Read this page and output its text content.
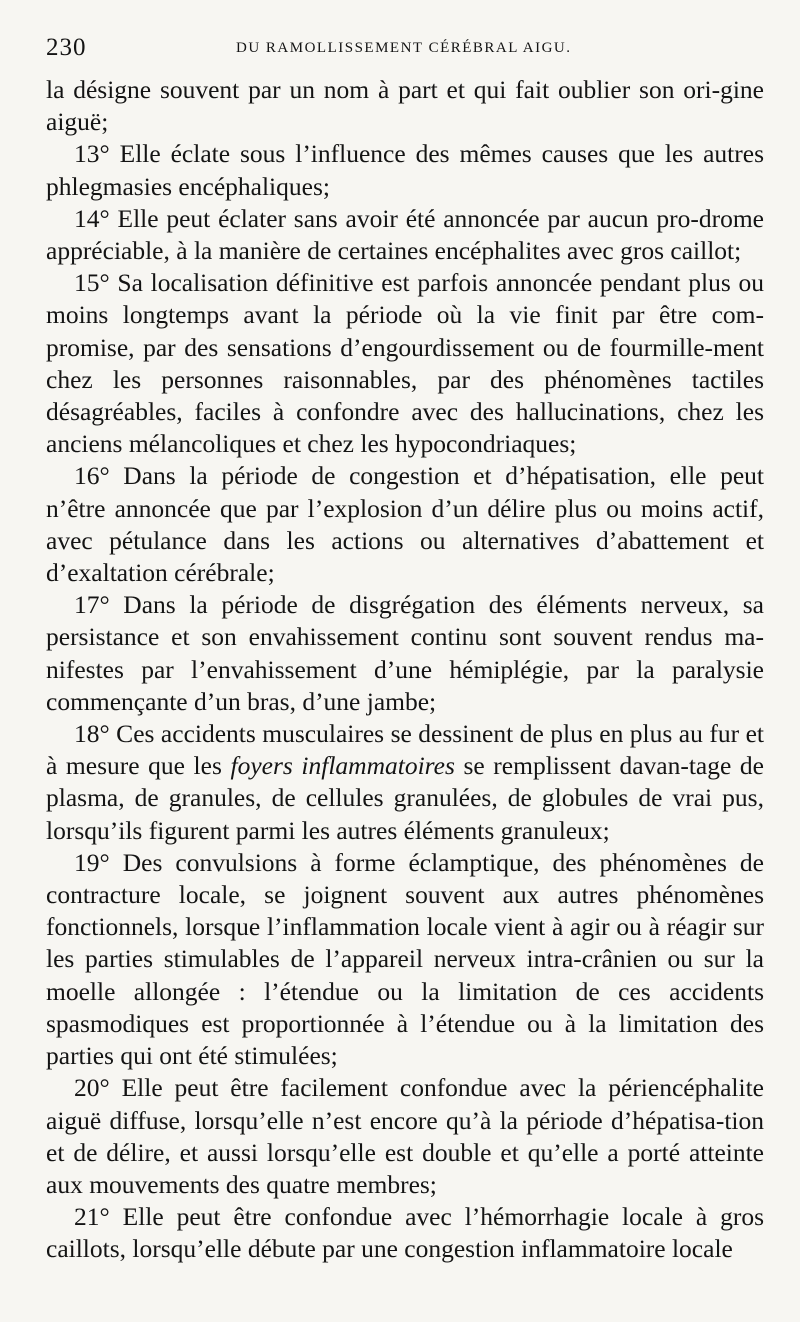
230	DU RAMOLLISSEMENT CÉRÉBRAL AIGU.

la désigne souvent par un nom à part et qui fait oublier son ori-gine aiguë;

13° Elle éclate sous l’influence des mêmes causes que les autres phlegmasies encéphaliques;

14° Elle peut éclater sans avoir été annoncée par aucun pro-drome appréciable, à la manière de certaines encéphalites avec gros caillot;

15° Sa localisation définitive est parfois annoncée pendant plus ou moins longtemps avant la période où la vie finit par être com-promise, par des sensations d’engourdissement ou de fourmille-ment chez les personnes raisonnables, par des phénomènes tactiles désagréables, faciles à confondre avec des hallucinations, chez les anciens mélancoliques et chez les hypocondriaques;

16° Dans la période de congestion et d’hépatisation, elle peut n’être annoncée que par l’explosion d’un délire plus ou moins actif, avec pétulance dans les actions ou alternatives d’abattement et d’exaltation cérébrale;

17° Dans la période de disgrégation des éléments nerveux, sa persistance et son envahissement continu sont souvent rendus ma-nifestes par l’envahissement d’une hémiplégie, par la paralysie commençante d’un bras, d’une jambe;

18° Ces accidents musculaires se dessinent de plus en plus au fur et à mesure que les foyers inflammatoires se remplissent davan-tage de plasma, de granules, de cellules granulées, de globules de vrai pus, lorsqu’ils figurent parmi les autres éléments granuleux;

19° Des convulsions à forme éclamptique, des phénomènes de contracture locale, se joignent souvent aux autres phénomènes fonctionnels, lorsque l’inflammation locale vient à agir ou à réagir sur les parties stimulables de l’appareil nerveux intra-crânien ou sur la moelle allongée : l’étendue ou la limitation de ces accidents spasmodiques est proportionnée à l’étendue ou à la limitation des parties qui ont été stimulées;

20° Elle peut être facilement confondue avec la périencéphalite aiguë diffuse, lorsqu’elle n’est encore qu’à la période d’hépatisa-tion et de délire, et aussi lorsqu’elle est double et qu’elle a porté atteinte aux mouvements des quatre membres;

21° Elle peut être confondue avec l’hémorrhagie locale à gros caillots, lorsqu’elle débute par une congestion inflammatoire locale
